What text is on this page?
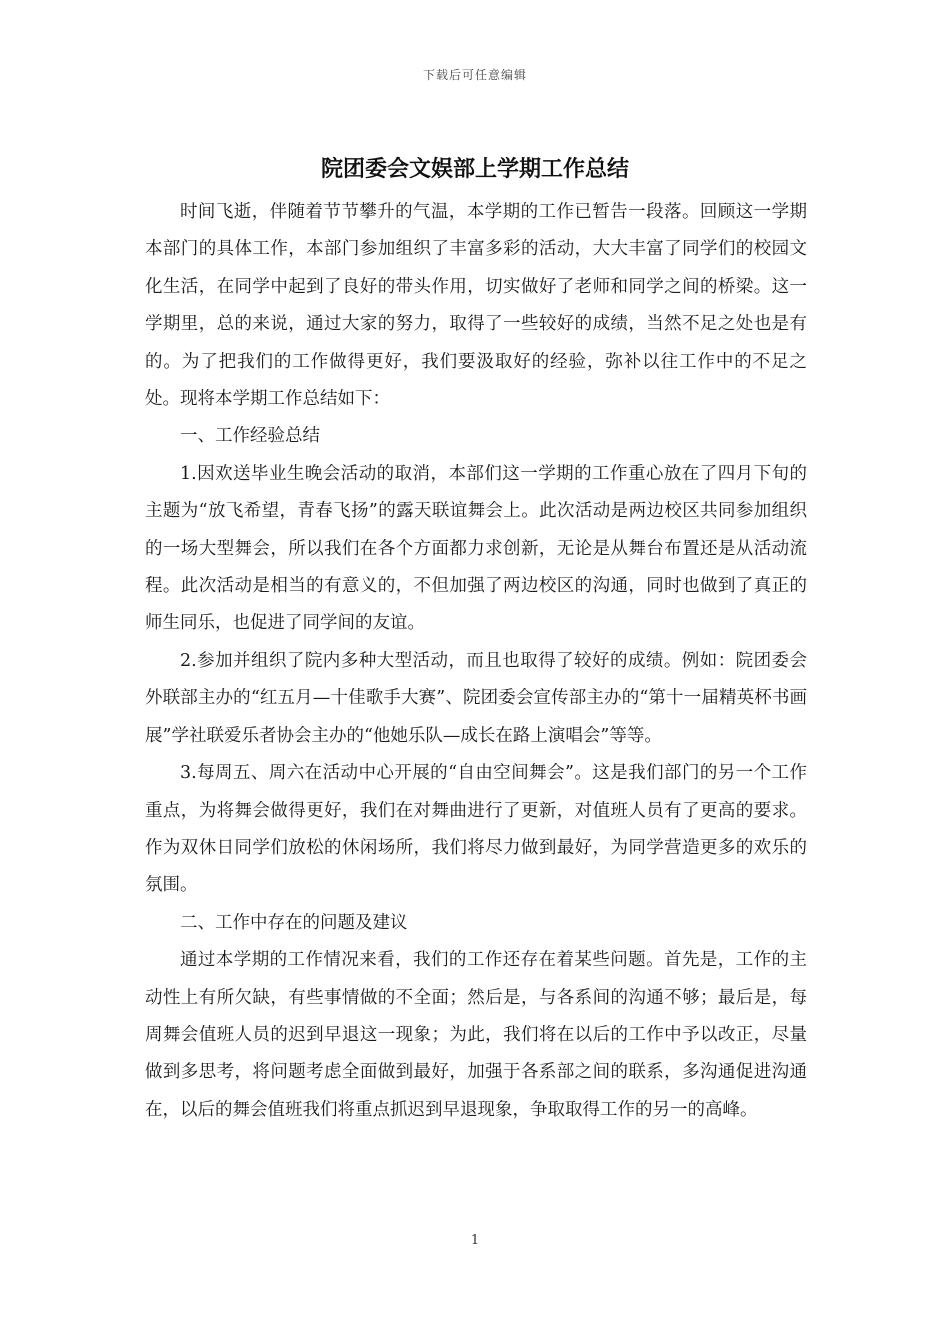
下载后可任意编辑
院团委会文娱部上学期工作总结

时间飞逝，伴随着节节攀升的气温，本学期的工作已暂告一段落。回顾这一学期本部门的具体工作，本部门参加组织了丰富多彩的活动，大大丰富了同学们的校园文化生活，在同学中起到了良好的带头作用，切实做好了老师和同学之间的桥梁。这一学期里，总的来说，通过大家的努力，取得了一些较好的成绩，当然不足之处也是有的。为了把我们的工作做得更好，我们要汲取好的经验，弥补以往工作中的不足之处。现将本学期工作总结如下：

一、工作经验总结

1.因欢送毕业生晚会活动的取消，本部们这一学期的工作重心放在了四月下旬的主题为“放飞希望，青春飞扬”的露天联谊舞会上。此次活动是两边校区共同参加组织的一场大型舞会，所以我们在各个方面都力求创新，无论是从舞台布置还是从活动流程。此次活动是相当的有意义的，不但加强了两边校区的沟通，同时也做到了真正的师生同乐，也促进了同学间的友谊。

2.参加并组织了院内多种大型活动，而且也取得了较好的成绩。例如：院团委会外联部主办的“红五月—十佳歌手大赛”、院团委会宣传部主办的“第十一届精英杯书画展”学社联爱乐者协会主办的“他她乐队—成长在路上演唱会”等等。

3.每周五、周六在活动中心开展的“自由空间舞会”。这是我们部门的另一个工作重点，为将舞会做得更好，我们在对舞曲进行了更新，对值班人员有了更高的要求。作为双休日同学们放松的休闲场所，我们将尽力做到最好，为同学营造更多的欢乐的氛围。

二、工作中存在的问题及建议

通过本学期的工作情况来看，我们的工作还存在着某些问题。首先是，工作的主动性上有所欠缺，有些事情做的不全面；然后是，与各系间的沟通不够；最后是，每周舞会值班人员的迟到早退这一现象；为此，我们将在以后的工作中予以改正，尽量做到多思考，将问题考虑全面做到最好，加强于各系部之间的联系，多沟通促进沟通在，以后的舞会值班我们将重点抓迟到早退现象，争取取得工作的另一的高峰。

1
